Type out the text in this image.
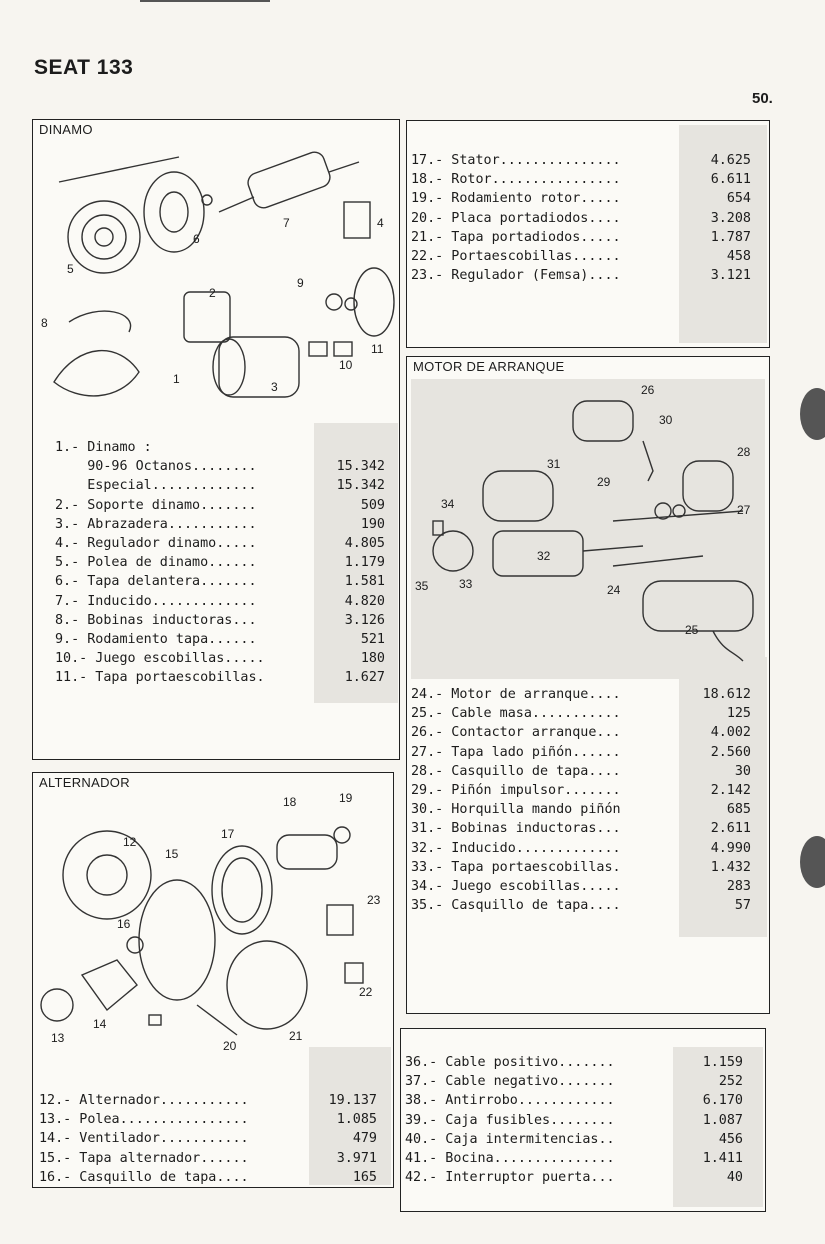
SEAT 133
50.
DINAMO
1
2
3
4
5
6
7
8
9
10
11
1.- Dinamo :
90-96 Octanos........	15.342
Especial.............	15.342
2.- Soporte dinamo.......	509
3.- Abrazadera...........	190
4.- Regulador dinamo.....	4.805
5.- Polea de dinamo......	1.179
6.- Tapa delantera.......	1.581
7.- Inducido.............	4.820
8.- Bobinas inductoras...	3.126
9.- Rodamiento tapa......	521
10.- Juego escobillas.....	180
11.- Tapa portaescobillas.	1.627
17.- Stator...............	4.625
18.- Rotor................	6.611
19.- Rodamiento rotor.....	654
20.- Placa portadiodos....	3.208
21.- Tapa portadiodos.....	1.787
22.- Portaescobillas......	458
23.- Regulador (Femsa)....	3.121
MOTOR DE ARRANQUE
24
25
26
27
28
29
30
31
32
33
34
35
24.- Motor de arranque....	18.612
25.- Cable masa...........	125
26.- Contactor arranque...	4.002
27.- Tapa lado piñón......	2.560
28.- Casquillo de tapa....	30
29.- Piñón impulsor.......	2.142
30.- Horquilla mando piñón	685
31.- Bobinas inductoras...	2.611
32.- Inducido.............	4.990
33.- Tapa portaescobillas.	1.432
34.- Juego escobillas.....	283
35.- Casquillo de tapa....	57
ALTERNADOR
12
13
14
15
16
17
18	19
20
21
22
23
12.- Alternador...........	19.137
13.- Polea................	1.085
14.- Ventilador...........	479
15.- Tapa alternador......	3.971
16.- Casquillo de tapa....	165
36.- Cable positivo.......	1.159
37.- Cable negativo.......	252
38.- Antirrobo............	6.170
39.- Caja fusibles........	1.087
40.- Caja intermitencias..	456
41.- Bocina...............	1.411
42.- Interruptor puerta...	40
